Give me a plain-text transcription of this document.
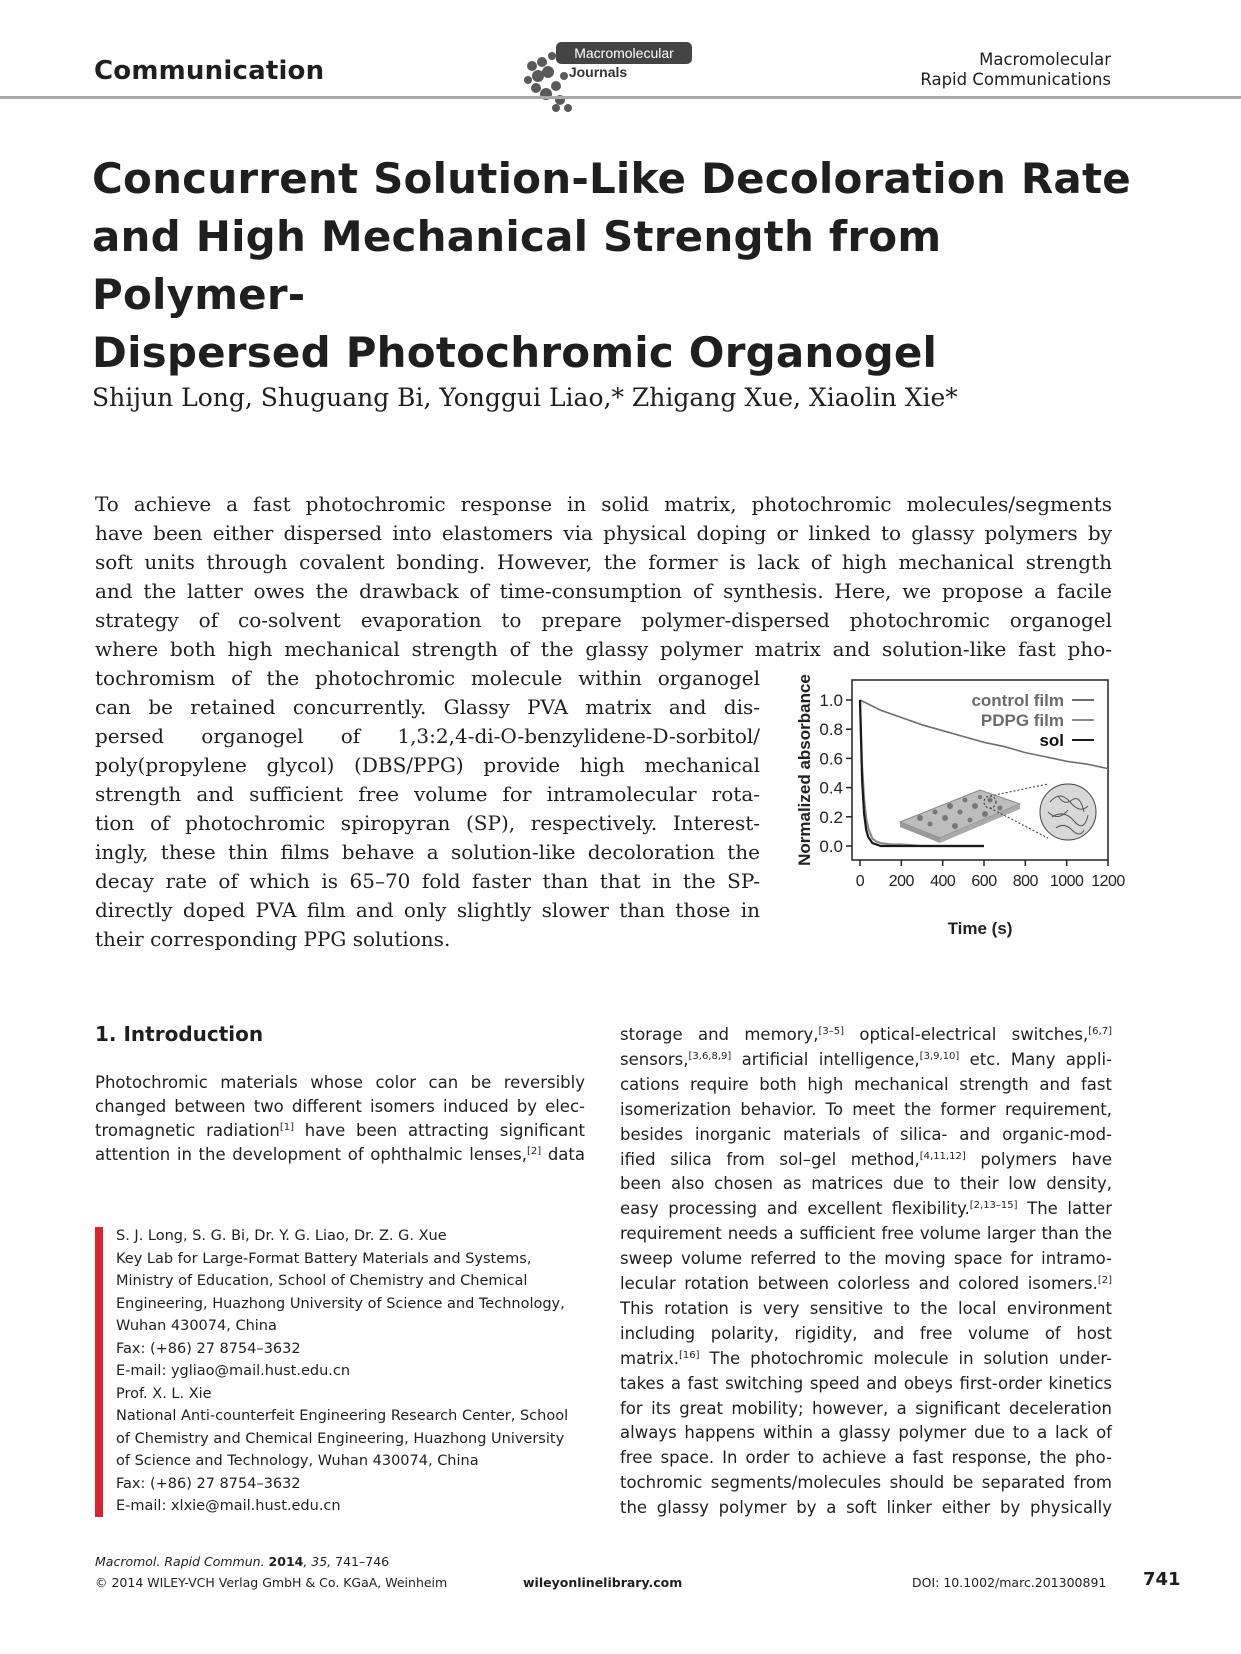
Communication
Macromolecular
Journals
Macromolecular
Rapid Communications
Concurrent Solution-Like Decoloration Rate
and High Mechanical Strength from Polymer-
Dispersed Photochromic Organogel
Shijun Long, Shuguang Bi, Yonggui Liao,* Zhigang Xue, Xiaolin Xie*
To achieve a fast photochromic response in solid matrix, photochromic molecules/segments
have been either dispersed into elastomers via physical doping or linked to glassy polymers by
soft units through covalent bonding. However, the former is lack of high mechanical strength
and the latter owes the drawback of time-consumption of synthesis. Here, we propose a facile
strategy of co-solvent evaporation to prepare polymer-dispersed photochromic organogel
where both high mechanical strength of the glassy polymer matrix and solution-like fast pho-
tochromism of the photochromic molecule within organogel
can be retained concurrently. Glassy PVA matrix and dis-
persed organogel of 1,3:2,4-di-O-benzylidene-D-sorbitol/
poly(propylene glycol) (DBS/PPG) provide high mechanical
strength and sufficient free volume for intramolecular rota-
tion of photochromic spiropyran (SP), respectively. Interest-
ingly, these thin films behave a solution-like decoloration the
decay rate of which is 65–70 fold faster than that in the SP-
directly doped PVA film and only slightly slower than those in
their corresponding PPG solutions.
0.0
0.2
0.4
0.6
0.8
1.0
0 200 400 600 800 1000 1200
control film
PDPG film
sol
Normalized absorbance
Time (s)
1. Introduction
Photochromic materials whose color can be reversibly
changed between two different isomers induced by elec-
tromagnetic radiation[1] have been attracting significant
attention in the development of ophthalmic lenses,[2] data
storage and memory,[3–5] optical-electrical switches,[6,7]
sensors,[3,6,8,9] artificial intelligence,[3,9,10] etc. Many appli-
cations require both high mechanical strength and fast
isomerization behavior. To meet the former requirement,
besides inorganic materials of silica- and organic-mod-
ified silica from sol–gel method,[4,11,12] polymers have
been also chosen as matrices due to their low density,
easy processing and excellent flexibility.[2,13–15] The latter
requirement needs a sufficient free volume larger than the
sweep volume referred to the moving space for intramo-
lecular rotation between colorless and colored isomers.[2]
This rotation is very sensitive to the local environment
including polarity, rigidity, and free volume of host
matrix.[16] The photochromic molecule in solution under-
takes a fast switching speed and obeys first-order kinetics
for its great mobility; however, a significant deceleration
always happens within a glassy polymer due to a lack of
free space. In order to achieve a fast response, the pho-
tochromic segments/molecules should be separated from
the glassy polymer by a soft linker either by physically
S. J. Long, S. G. Bi, Dr. Y. G. Liao, Dr. Z. G. Xue
Key Lab for Large-Format Battery Materials and Systems,
Ministry of Education, School of Chemistry and Chemical
Engineering, Huazhong University of Science and Technology,
Wuhan 430074, China
Fax: (+86) 27 8754–3632
E-mail: ygliao@mail.hust.edu.cn
Prof. X. L. Xie
National Anti-counterfeit Engineering Research Center, School
of Chemistry and Chemical Engineering, Huazhong University
of Science and Technology, Wuhan 430074, China
Fax: (+86) 27 8754–3632
E-mail: xlxie@mail.hust.edu.cn
Macromol. Rapid Commun. 2014, 35, 741–746
© 2014 WILEY-VCH Verlag GmbH & Co. KGaA, Weinheim	wileyonlinelibrary.com	DOI: 10.1002/marc.201300891 741
